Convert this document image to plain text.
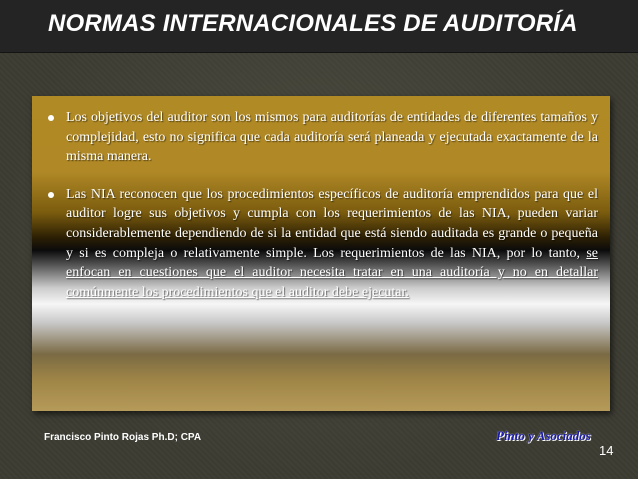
NORMAS INTERNACIONALES DE AUDITORÍA
Los objetivos del auditor son los mismos para auditorías de entidades de diferentes tamaños y complejidad, esto no significa que cada auditoría será planeada y ejecutada exactamente de la misma manera.
Las NIA reconocen que los procedimientos específicos de auditoría emprendidos para que el auditor logre sus objetivos y cumpla con los requerimientos de las NIA, pueden variar considerablemente dependiendo de si la entidad que está siendo auditada es grande o pequeña y si es compleja o relativamente simple. Los requerimientos de las NIA, por lo tanto, se enfocan en cuestiones que el auditor necesita tratar en una auditoría y no en detallar comúnmente los procedimientos que el auditor debe ejecutar.
Francisco Pinto Rojas Ph.D; CPA	Pinto y Asociados
14
